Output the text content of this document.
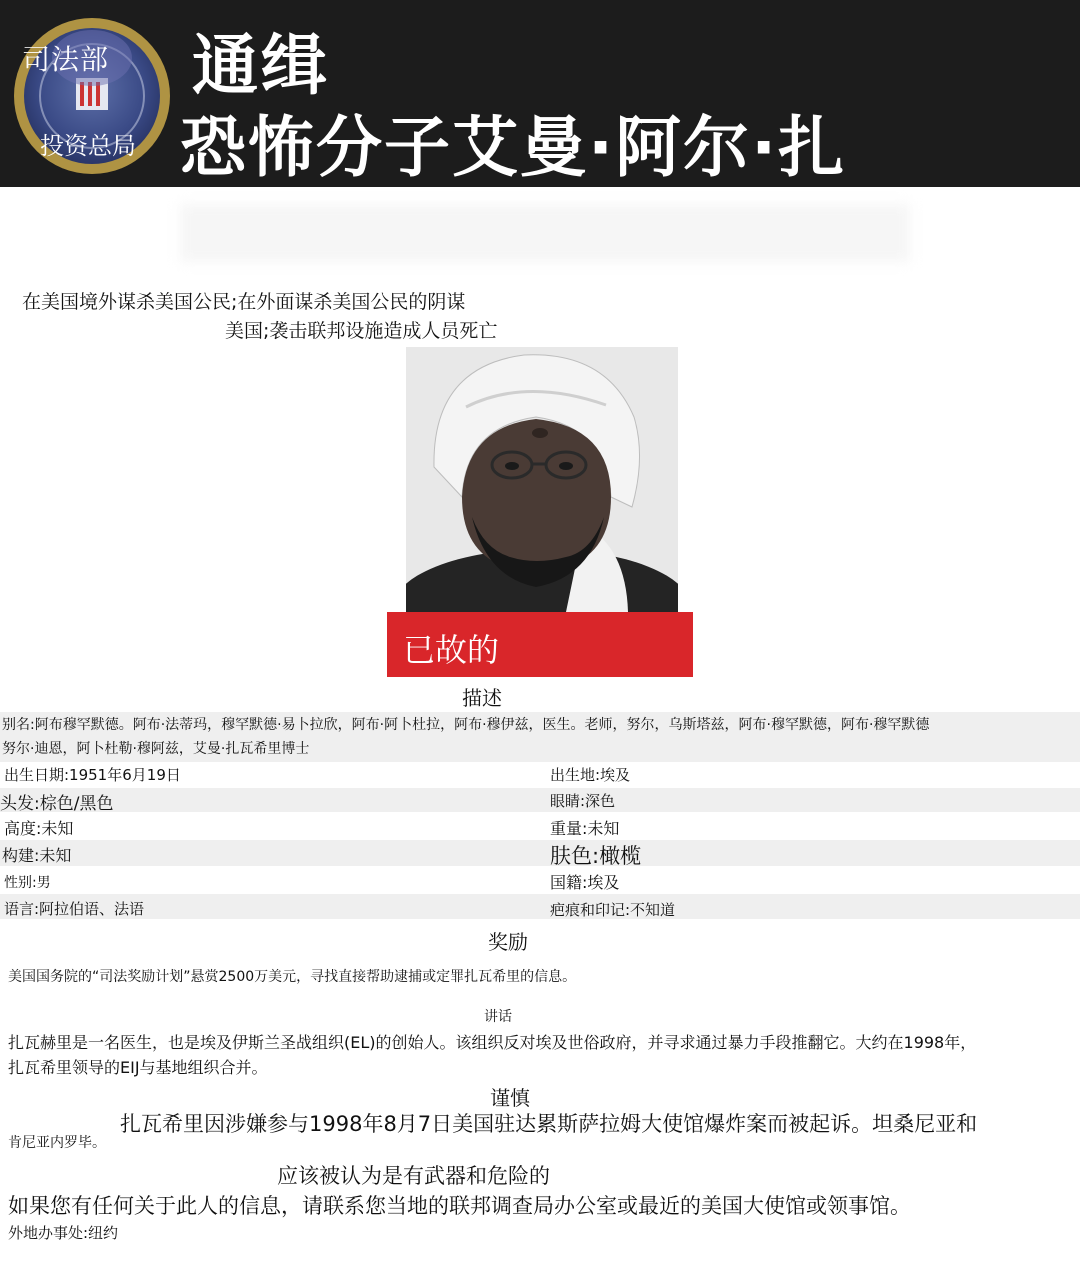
司法部
投资总局
通缉
恐怖分子艾曼·阿尔·扎
在美国境外谋杀美国公民;在外面谋杀美国公民的阴谋
美国;袭击联邦设施造成人员死亡
已故的
描述
别名:阿布穆罕默德。阿布·法蒂玛，穆罕默德·易卜拉欣，阿布·阿卜杜拉，阿布·穆伊兹，医生。老师，努尔，乌斯塔兹，阿布·穆罕默德，阿布·穆罕默德
努尔·迪恩，阿卜杜勒·穆阿兹，艾曼·扎瓦希里博士
出生日期:1951年6月19日
头发:棕色/黑色
高度:未知
构建:未知
性别:男
语言:阿拉伯语、法语
出生地:埃及
眼睛:深色
重量:未知
肤色:橄榄
国籍:埃及
疤痕和印记:不知道
奖励
美国国务院的“司法奖励计划”悬赏2500万美元，寻找直接帮助逮捕或定罪扎瓦希里的信息。
讲话
扎瓦赫里是一名医生，也是埃及伊斯兰圣战组织(EL)的创始人。该组织反对埃及世俗政府，并寻求通过暴力手段推翻它。大约在1998年，
扎瓦希里领导的EIJ与基地组织合并。
谨慎
扎瓦希里因涉嫌参与1998年8月7日美国驻达累斯萨拉姆大使馆爆炸案而被起诉。坦桑尼亚和
肯尼亚内罗毕。
应该被认为是有武器和危险的
如果您有任何关于此人的信息，请联系您当地的联邦调查局办公室或最近的美国大使馆或领事馆。
外地办事处:纽约
